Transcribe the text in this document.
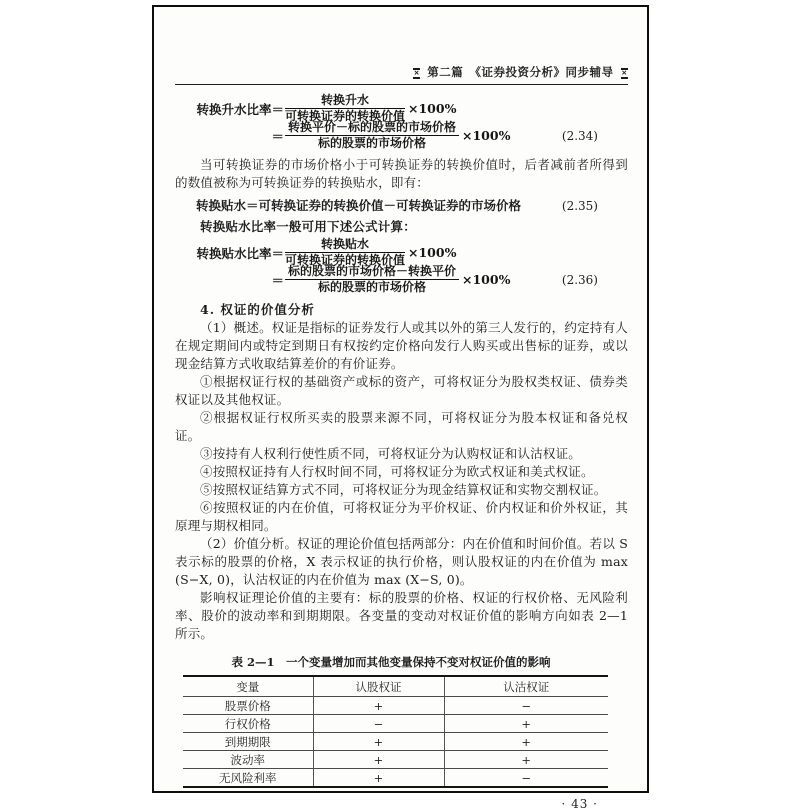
✕ 第二篇　《证券投资分析》同步辅导 ✕
转换升水比率＝ $\frac{\text{转换升水}}{\text{可转换证券的转换价值}} \times 100\%$
＝ $\frac{\text{转换平价－标的股票的市场价格}}{\text{标的股票的市场价格}} \times 100\%$	(2.34)
当可转换证券的市场价格小于可转换证券的转换价值时，后者减前者所得到的数值被称为可转换证券的转换贴水，即有：
转换贴水＝可转换证券的转换价值－可转换证券的市场价格	(2.35)
转换贴水比率一般可用下述公式计算：
转换贴水比率＝ $\frac{\text{转换贴水}}{\text{可转换证券的转换价值}} \times 100\%$
＝ $\frac{\text{标的股票的市场价格－转换平价}}{\text{标的股票的市场价格}} \times 100\%$	(2.36)
4. 权证的价值分析
（1）概述。权证是指标的证券发行人或其以外的第三人发行的，约定持有人在规定期间内或特定到期日有权按约定价格向发行人购买或出售标的证券，或以现金结算方式收取结算差价的有价证券。
①根据权证行权的基础资产或标的资产，可将权证分为股权类权证、债券类权证以及其他权证。
②根据权证行权所买卖的股票来源不同，可将权证分为股本权证和备兑权证。
③按持有人权利行使性质不同，可将权证分为认购权证和认沽权证。
④按照权证持有人行权时间不同，可将权证分为欧式权证和美式权证。
⑤按照权证结算方式不同，可将权证分为现金结算权证和实物交割权证。
⑥按照权证的内在价值，可将权证分为平价权证、价内权证和价外权证，其原理与期权相同。
（2）价值分析。权证的理论价值包括两部分：内在价值和时间价值。若以 S 表示标的股票的价格，X 表示权证的执行价格，则认股权证的内在价值为 max (S−X, 0)，认沽权证的内在价值为 max (X−S, 0)。
影响权证理论价值的主要有：标的股票的价格、权证的行权价格、无风险利率、股价的波动率和到期期限。各变量的变动对权证价值的影响方向如表 2—1 所示。
表 2—1　一个变量增加而其他变量保持不变对权证价值的影响
变量	认股权证	认沽权证
股票价格	+	−
行权价格	−	+
到期期限	+	+
波动率	+	+
无风险利率	+	−
· 43 ·
